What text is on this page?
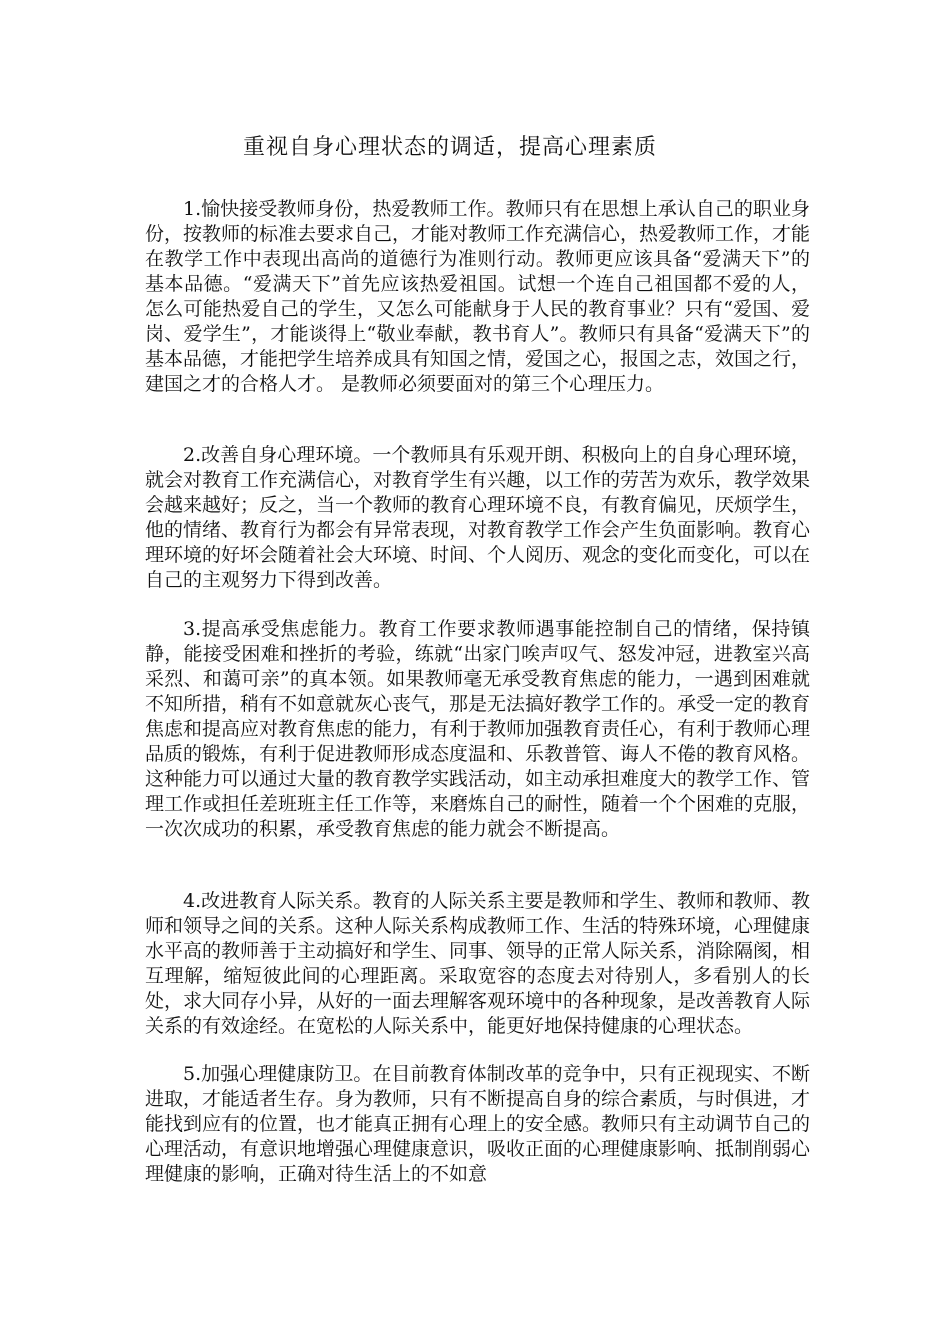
重视自身心理状态的调适，提高心理素质

1.愉快接受教师身份，热爱教师工作。教师只有在思想上承认自己的职业身份，按教师的标准去要求自己，才能对教师工作充满信心，热爱教师工作，才能在教学工作中表现出高尚的道德行为准则行动。教师更应该具备“爱满天下”的基本品德。“爱满天下”首先应该热爱祖国。试想一个连自己祖国都不爱的人，怎么可能热爱自己的学生，又怎么可能献身于人民的教育事业？只有“爱国、爱岗、爱学生”，才能谈得上“敬业奉献，教书育人”。教师只有具备“爱满天下”的基本品德，才能把学生培养成具有知国之情，爱国之心，报国之志，效国之行，建国之才的合格人才。 是教师必须要面对的第三个心理压力。

2.改善自身心理环境。一个教师具有乐观开朗、积极向上的自身心理环境，就会对教育工作充满信心，对教育学生有兴趣，以工作的劳苦为欢乐，教学效果会越来越好；反之，当一个教师的教育心理环境不良，有教育偏见，厌烦学生，他的情绪、教育行为都会有异常表现，对教育教学工作会产生负面影响。教育心理环境的好坏会随着社会大环境、时间、个人阅历、观念的变化而变化，可以在自己的主观努力下得到改善。

3.提高承受焦虑能力。教育工作要求教师遇事能控制自己的情绪，保持镇静，能接受困难和挫折的考验，练就“出家门唉声叹气、怒发冲冠，进教室兴高采烈、和蔼可亲”的真本领。如果教师毫无承受教育焦虑的能力，一遇到困难就不知所措，稍有不如意就灰心丧气，那是无法搞好教学工作的。承受一定的教育焦虑和提高应对教育焦虑的能力，有利于教师加强教育责任心，有利于教师心理品质的锻炼，有利于促进教师形成态度温和、乐教普管、诲人不倦的教育风格。这种能力可以通过大量的教育教学实践活动，如主动承担难度大的教学工作、管理工作或担任差班班主任工作等，来磨炼自己的耐性，随着一个个困难的克服，一次次成功的积累，承受教育焦虑的能力就会不断提高。

4.改进教育人际关系。教育的人际关系主要是教师和学生、教师和教师、教师和领导之间的关系。这种人际关系构成教师工作、生活的特殊环境，心理健康水平高的教师善于主动搞好和学生、同事、领导的正常人际关系，消除隔阂，相互理解，缩短彼此间的心理距离。采取宽容的态度去对待别人，多看别人的长处，求大同存小异，从好的一面去理解客观环境中的各种现象，是改善教育人际关系的有效途经。在宽松的人际关系中，能更好地保持健康的心理状态。

5.加强心理健康防卫。在目前教育体制改革的竞争中，只有正视现实、不断进取，才能适者生存。身为教师，只有不断提高自身的综合素质，与时俱进，才能找到应有的位置，也才能真正拥有心理上的安全感。教师只有主动调节自己的心理活动，有意识地增强心理健康意识，吸收正面的心理健康影响、抵制削弱心理健康的影响，正确对待生活上的不如意
